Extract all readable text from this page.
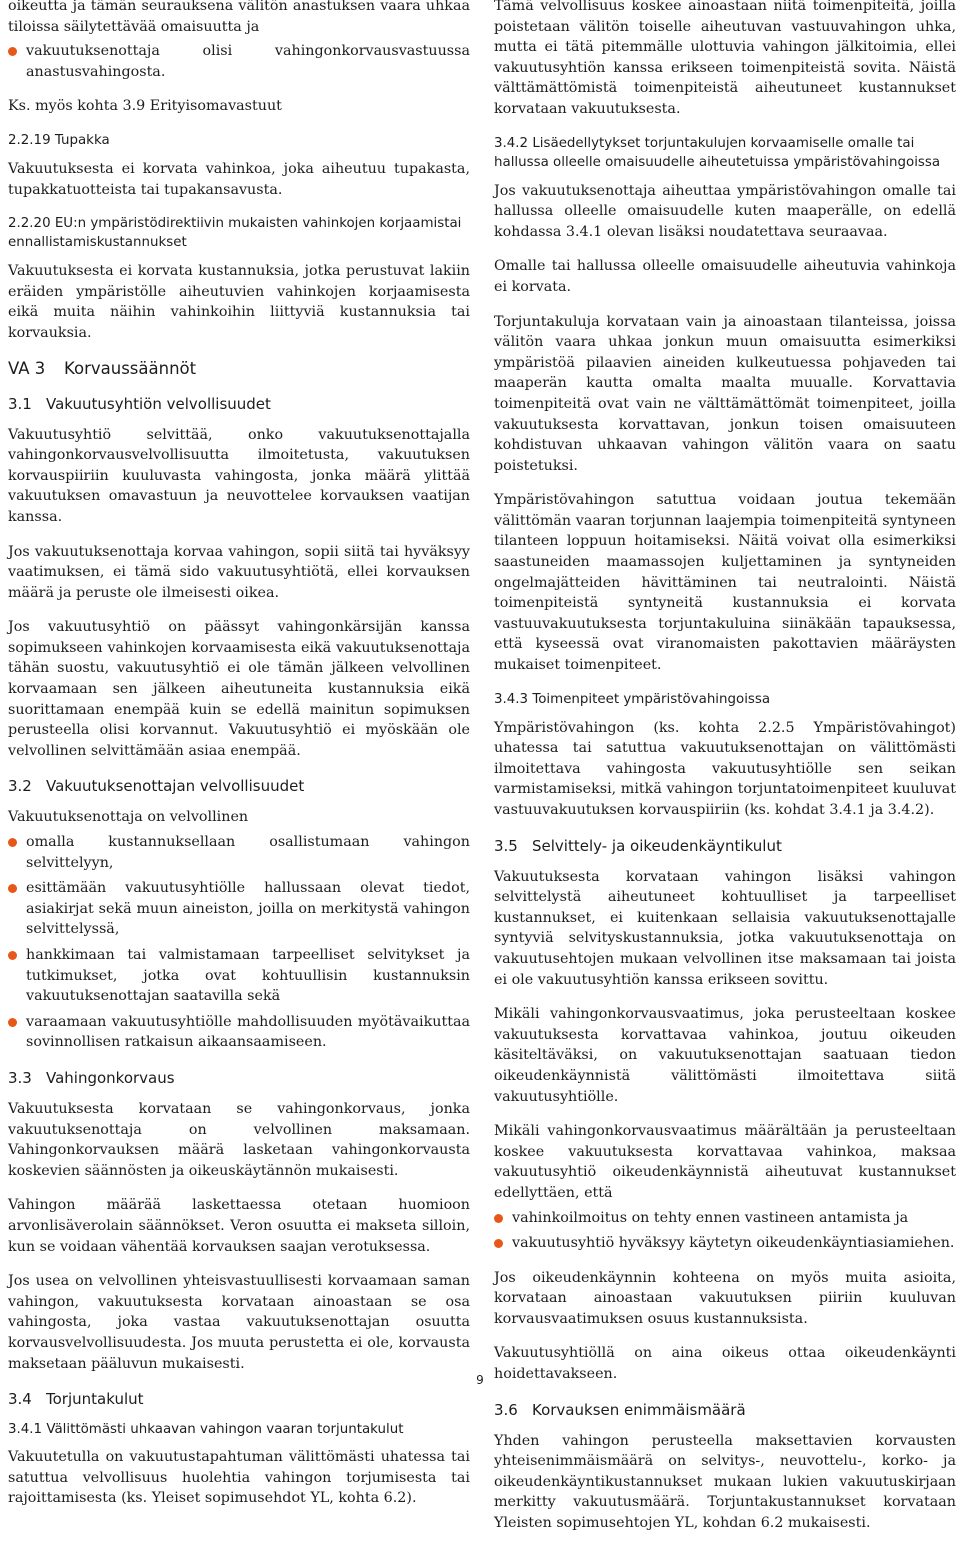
oikeutta ja tämän seurauksena välitön anastuksen vaara uhkaa tiloissa säilytettävää omaisuutta ja

vakuutuksenottaja olisi vahingonkorvausvastuussa anastusvahingosta.

Ks. myös kohta 3.9 Erityisomavastuut

2.2.19 Tupakka

Vakuutuksesta ei korvata vahinkoa, joka aiheutuu tupakasta, tupakkatuotteista tai tupakansavusta.

2.2.20 EU:n ympäristödirektiivin mukaisten vahinkojen korjaamistai ennallistamiskustannukset

Vakuutuksesta ei korvata kustannuksia, jotka perustuvat lakiin eräiden ympäristölle aiheutuvien vahinkojen korjaamisesta eikä muita näihin vahinkoihin liittyviä kustannuksia tai korvauksia.

VA 3 Korvaussäännöt
3.1 Vakuutusyhtiön velvollisuudet

Vakuutusyhtiö selvittää, onko vakuutuksenottajalla vahingonkorvausvelvollisuutta ilmoitetusta, vakuutuksen korvauspiiriin kuuluvasta vahingosta, jonka määrä ylittää vakuutuksen omavastuun ja neuvottelee korvauksen vaatijan kanssa.

Jos vakuutuksenottaja korvaa vahingon, sopii siitä tai hyväksyy vaatimuksen, ei tämä sido vakuutusyhtiötä, ellei korvauksen määrä ja peruste ole ilmeisesti oikea.

Jos vakuutusyhtiö on päässyt vahingonkärsijän kanssa sopimukseen vahinkojen korvaamisesta eikä vakuutuksenottaja tähän suostu, vakuutusyhtiö ei ole tämän jälkeen velvollinen korvaamaan sen jälkeen aiheutuneita kustannuksia eikä suorittamaan enempää kuin se edellä mainitun sopimuksen perusteella olisi korvannut. Vakuutusyhtiö ei myöskään ole velvollinen selvittämään asiaa enempää.

3.2 Vakuutuksenottajan velvollisuudet

Vakuutuksenottaja on velvollinen

omalla kustannuksellaan osallistumaan vahingon selvittelyyn,
esittämään vakuutusyhtiölle hallussaan olevat tiedot, asiakirjat sekä muun aineiston, joilla on merkitystä vahingon selvittelyssä,
hankkimaan tai valmistamaan tarpeelliset selvitykset ja tutkimukset, jotka ovat kohtuullisin kustannuksin vakuutuksenottajan saatavilla sekä
varaamaan vakuutusyhtiölle mahdollisuuden myötävaikuttaa sovinnollisen ratkaisun aikaansaamiseen.
3.3 Vahingonkorvaus

Vakuutuksesta korvataan se vahingonkorvaus, jonka vakuutuksenottaja on velvollinen maksamaan. Vahingonkorvauksen määrä lasketaan vahingonkorvausta koskevien säännösten ja oikeuskäytännön mukaisesti.

Vahingon määrää laskettaessa otetaan huomioon arvonlisäverolain säännökset. Veron osuutta ei makseta silloin, kun se voidaan vähentää korvauksen saajan verotuksessa.

Jos usea on velvollinen yhteisvastuullisesti korvaamaan saman vahingon, vakuutuksesta korvataan ainoastaan se osa vahingosta, joka vastaa vakuutuksenottajan osuutta korvausvelvollisuudesta. Jos muuta perustetta ei ole, korvausta maksetaan pääluvun mukaisesti.

3.4 Torjuntakulut
3.4.1 Välittömästi uhkaavan vahingon vaaran torjuntakulut

Vakuutetulla on vakuutustapahtuman välittömästi uhatessa tai satuttua velvollisuus huolehtia vahingon torjumisesta tai rajoittamisesta (ks. Yleiset sopimusehdot YL, kohta 6.2).

Tämä velvollisuus koskee ainoastaan niitä toimenpiteitä, joilla poistetaan välitön toiselle aiheutuvan vastuuvahingon uhka, mutta ei tätä pitemmälle ulottuvia vahingon jälkitoimia, ellei vakuutusyhtiön kanssa erikseen toimenpiteistä sovita. Näistä välttämättömistä toimenpiteistä aiheutuneet kustannukset korvataan vakuutuksesta.

3.4.2 Lisäedellytykset torjuntakulujen korvaamiselle omalle tai hallussa olleelle omaisuudelle aiheutetuissa ympäristövahingoissa

Jos vakuutuksenottaja aiheuttaa ympäristövahingon omalle tai hallussa olleelle omaisuudelle kuten maaperälle, on edellä kohdassa 3.4.1 olevan lisäksi noudatettava seuraavaa.

Omalle tai hallussa olleelle omaisuudelle aiheutuvia vahinkoja ei korvata.

Torjuntakuluja korvataan vain ja ainoastaan tilanteissa, joissa välitön vaara uhkaa jonkun muun omaisuutta esimerkiksi ympäristöä pilaavien aineiden kulkeutuessa pohjaveden tai maaperän kautta omalta maalta muualle. Korvattavia toimenpiteitä ovat vain ne välttämättömät toimenpiteet, joilla vakuutuksesta korvattavan, jonkun toisen omaisuuteen kohdistuvan uhkaavan vahingon välitön vaara on saatu poistetuksi.

Ympäristövahingon satuttua voidaan joutua tekemään välittömän vaaran torjunnan laajempia toimenpiteitä syntyneen tilanteen loppuun hoitamiseksi. Näitä voivat olla esimerkiksi saastuneiden maamassojen kuljettaminen ja syntyneiden ongelmajätteiden hävittäminen tai neutralointi. Näistä toimenpiteistä syntyneitä kustannuksia ei korvata vastuuvakuutuksesta torjuntakuluina siinäkään tapauksessa, että kyseessä ovat viranomaisten pakottavien määräysten mukaiset toimenpiteet.

3.4.3 Toimenpiteet ympäristövahingoissa

Ympäristövahingon (ks. kohta 2.2.5 Ympäristövahingot) uhatessa tai satuttua vakuutuksenottajan on välittömästi ilmoitettava vahingosta vakuutusyhtiölle sen seikan varmistamiseksi, mitkä vahingon torjuntatoimenpiteet kuuluvat vastuuvakuutuksen korvauspiiriin (ks. kohdat 3.4.1 ja 3.4.2).

3.5 Selvittely- ja oikeudenkäyntikulut

Vakuutuksesta korvataan vahingon lisäksi vahingon selvittelystä aiheutuneet kohtuulliset ja tarpeelliset kustannukset, ei kuitenkaan sellaisia vakuutuksenottajalle syntyviä selvityskustannuksia, jotka vakuutuksenottaja on vakuutusehtojen mukaan velvollinen itse maksamaan tai joista ei ole vakuutusyhtiön kanssa erikseen sovittu.

Mikäli vahingonkorvausvaatimus, joka perusteeltaan koskee vakuutuksesta korvattavaa vahinkoa, joutuu oikeuden käsiteltäväksi, on vakuutuksenottajan saatuaan tiedon oikeudenkäynnistä välittömästi ilmoitettava siitä vakuutusyhtiölle.

Mikäli vahingonkorvausvaatimus määrältään ja perusteeltaan koskee vakuutuksesta korvattavaa vahinkoa, maksaa vakuutusyhtiö oikeudenkäynnistä aiheutuvat kustannukset edellyttäen, että

vahinkoilmoitus on tehty ennen vastineen antamista ja
vakuutusyhtiö hyväksyy käytetyn oikeudenkäyntiasiamiehen.

Jos oikeudenkäynnin kohteena on myös muita asioita, korvataan ainoastaan vakuutuksen piiriin kuuluvan korvausvaatimuksen osuus kustannuksista.

Vakuutusyhtiöllä on aina oikeus ottaa oikeudenkäynti hoidettavakseen.

3.6 Korvauksen enimmäismäärä

Yhden vahingon perusteella maksettavien korvausten yhteisenimmäismäärä on selvitys-, neuvottelu-, korko- ja oikeudenkäyntikustannukset mukaan lukien vakuutuskirjaan merkitty vakuutusmäärä. Torjuntakustannukset korvataan Yleisten sopimusehtojen YL, kohdan 6.2 mukaisesti.

9
